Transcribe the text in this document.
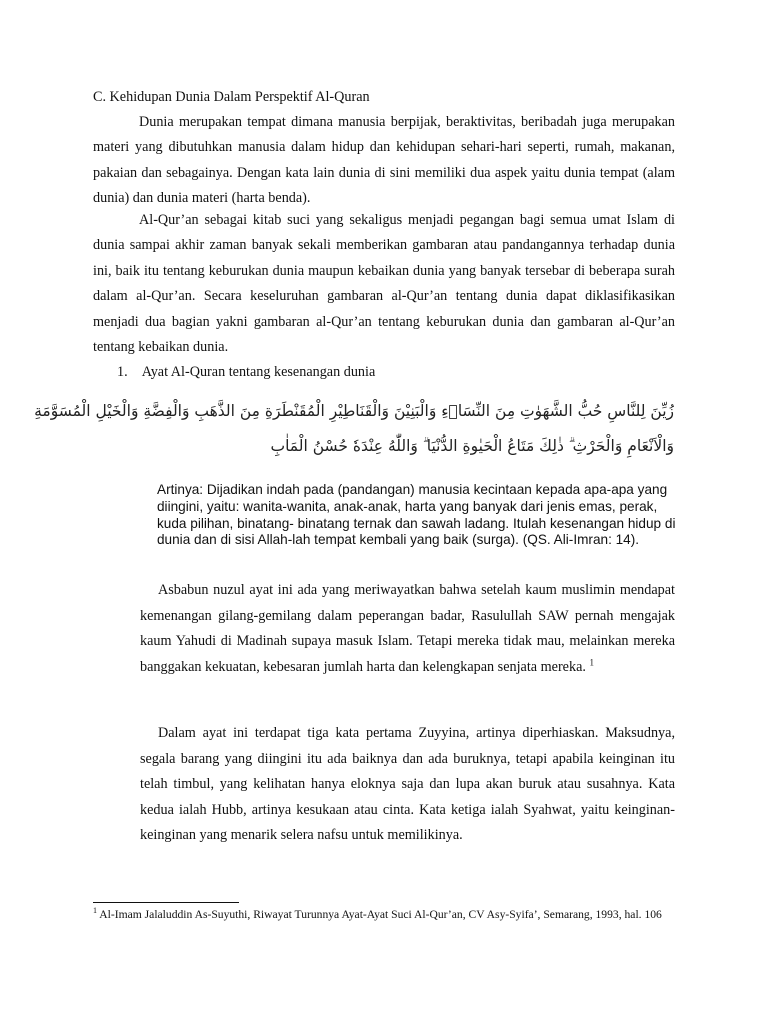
C. Kehidupan Dunia Dalam Perspektif Al-Quran

Dunia merupakan tempat dimana manusia berpijak, beraktivitas, beribadah juga merupakan materi yang dibutuhkan manusia dalam hidup dan kehidupan sehari-hari seperti, rumah, makanan, pakaian dan sebagainya. Dengan kata lain dunia di sini memiliki dua aspek yaitu dunia tempat (alam dunia) dan dunia materi (harta benda).

Al-Qur’an sebagai kitab suci yang sekaligus menjadi pegangan bagi semua umat Islam di dunia sampai akhir zaman banyak sekali memberikan gambaran atau pandangannya terhadap dunia ini, baik itu tentang keburukan dunia maupun kebaikan dunia yang banyak tersebar di beberapa surah dalam al-Qur’an. Secara keseluruhan gambaran al-Qur’an tentang dunia dapat diklasifikasikan menjadi dua bagian yakni gambaran al-Qur’an tentang keburukan dunia dan gambaran al-Qur’an tentang kebaikan dunia.

1. Ayat Al-Quran tentang kesenangan dunia
زُيِّنَ لِلنَّاسِ حُبُّ الشَّهَوٰتِ مِنَ النِّسَاۤءِ وَالْبَنِيْنَ وَالْقَنَاطِيْرِ الْمُقَنْطَرَةِ مِنَ الذَّهَبِ وَالْفِضَّةِ وَالْخَيْلِ الْمُسَوَّمَةِ
وَالْاَنْعَامِ وَالْحَرْثِ ۗ ذٰلِكَ مَتَاعُ الْحَيٰوةِ الدُّنْيَا ۗ وَاللّٰهُ عِنْدَهٗ حُسْنُ الْمَاٰبِ

Artinya: Dijadikan indah pada (pandangan) manusia kecintaan kepada apa-apa yang diingini, yaitu: wanita-wanita, anak-anak, harta yang banyak dari jenis emas, perak, kuda pilihan, binatang- binatang ternak dan sawah ladang. Itulah kesenangan hidup di dunia dan di sisi Allah-lah tempat kembali yang baik (surga). (QS. Ali-Imran: 14).

Asbabun nuzul ayat ini ada yang meriwayatkan bahwa setelah kaum muslimin mendapat kemenangan gilang-gemilang dalam peperangan badar, Rasulullah SAW pernah mengajak kaum Yahudi di Madinah supaya masuk Islam. Tetapi mereka tidak mau, melainkan mereka banggakan kekuatan, kebesaran jumlah harta dan kelengkapan senjata mereka. $^1$

Dalam ayat ini terdapat tiga kata pertama Zuyyina, artinya diperhiaskan. Maksudnya, segala barang yang diingini itu ada baiknya dan ada buruknya, tetapi apabila keinginan itu telah timbul, yang kelihatan hanya eloknya saja dan lupa akan buruk atau susahnya. Kata kedua ialah Hubb, artinya kesukaan atau cinta. Kata ketiga ialah Syahwat, yaitu keinginan-keinginan yang menarik selera nafsu untuk memilikinya.

$^1$ Al-Imam Jalaluddin As-Suyuthi, Riwayat Turunnya Ayat-Ayat Suci Al-Qur’an, CV Asy-Syifa’, Semarang, 1993, hal. 106
